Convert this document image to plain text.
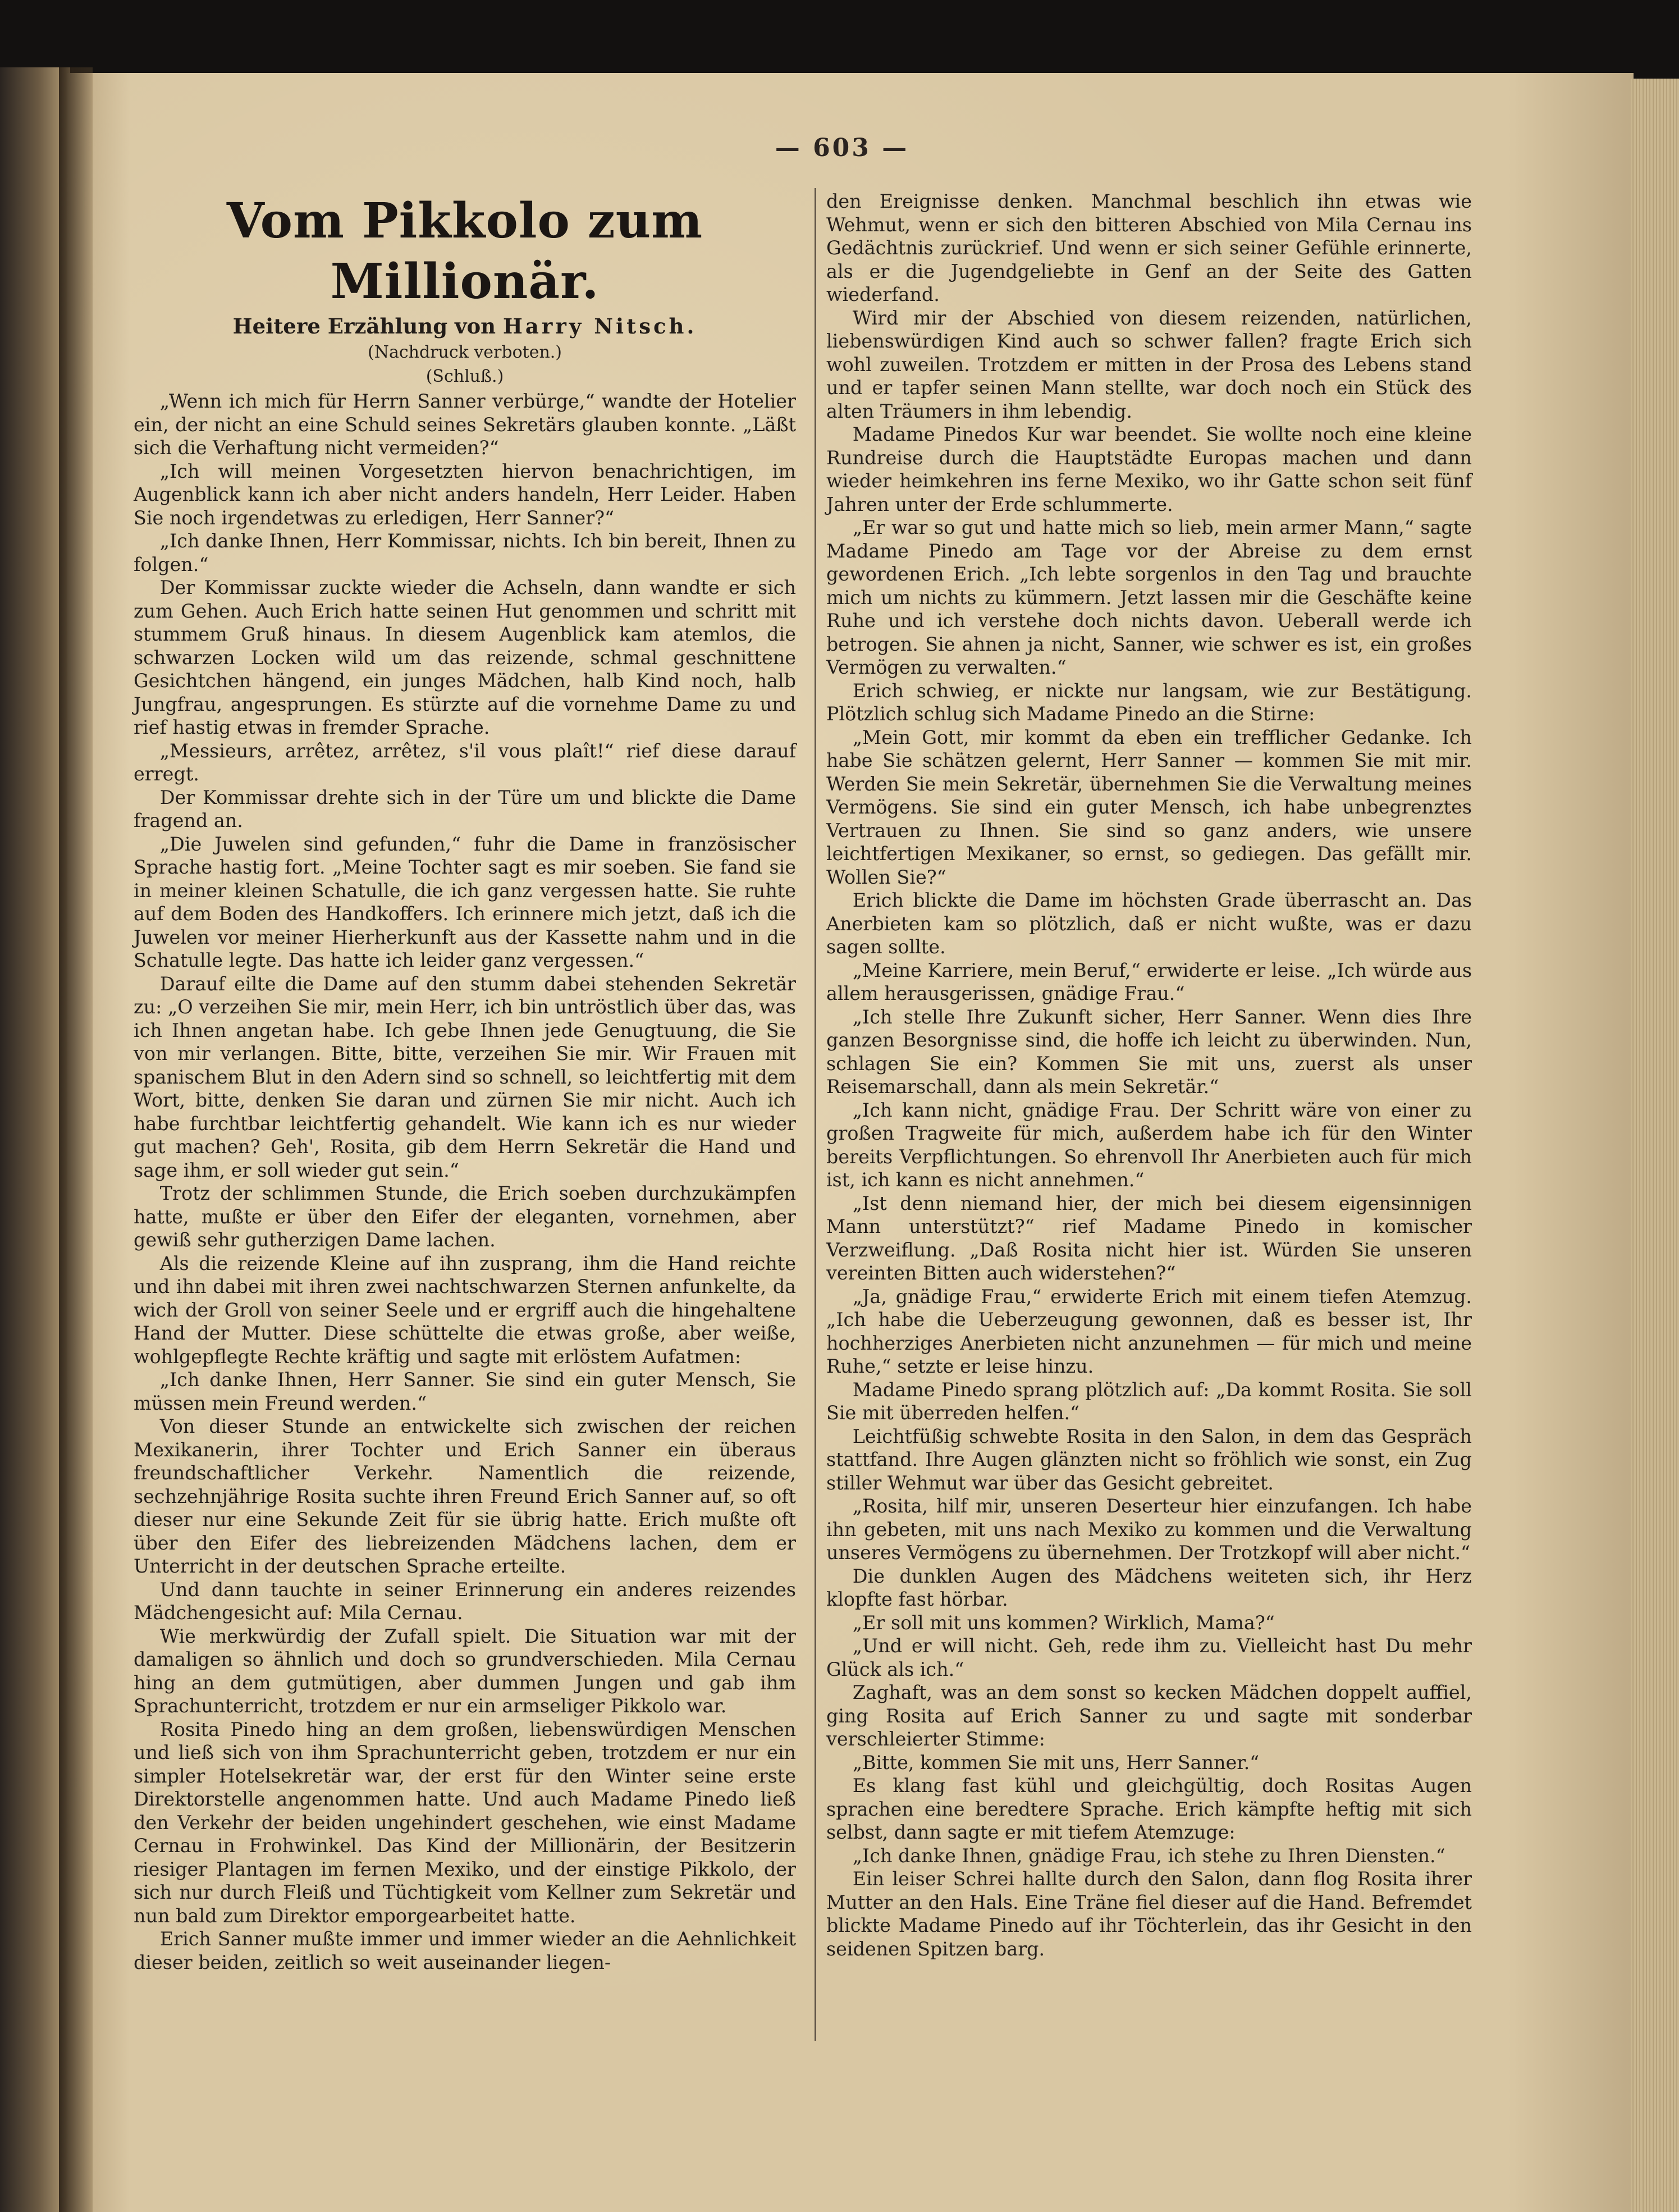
— 603 —
Vom Pikkolo zum Millionär.
Heitere Erzählung von Harry Nitsch.
(Nachdruck verboten.)
(Schluß.)

„Wenn ich mich für Herrn Sanner verbürge,“ wandte der Hotelier ein, der nicht an eine Schuld seines Sekretärs glauben konnte. „Läßt sich die Verhaftung nicht vermeiden?“

„Ich will meinen Vorgesetzten hiervon benachrichtigen, im Augenblick kann ich aber nicht anders handeln, Herr Leider. Haben Sie noch irgendetwas zu erledigen, Herr Sanner?“

„Ich danke Ihnen, Herr Kommissar, nichts. Ich bin bereit, Ihnen zu folgen.“

Der Kommissar zuckte wieder die Achseln, dann wandte er sich zum Gehen. Auch Erich hatte seinen Hut genommen und schritt mit stummem Gruß hinaus. In diesem Augenblick kam atemlos, die schwarzen Locken wild um das reizende, schmal geschnittene Gesichtchen hängend, ein junges Mädchen, halb Kind noch, halb Jungfrau, angesprungen. Es stürzte auf die vornehme Dame zu und rief hastig etwas in fremder Sprache.

„Messieurs, arrêtez, arrêtez, s'il vous plaît!“ rief diese darauf erregt.

Der Kommissar drehte sich in der Türe um und blickte die Dame fragend an.

„Die Juwelen sind gefunden,“ fuhr die Dame in französischer Sprache hastig fort. „Meine Tochter sagt es mir soeben. Sie fand sie in meiner kleinen Schatulle, die ich ganz vergessen hatte. Sie ruhte auf dem Boden des Handkoffers. Ich erinnere mich jetzt, daß ich die Juwelen vor meiner Hierherkunft aus der Kassette nahm und in die Schatulle legte. Das hatte ich leider ganz vergessen.“

Darauf eilte die Dame auf den stumm dabei stehenden Sekretär zu: „O verzeihen Sie mir, mein Herr, ich bin untröstlich über das, was ich Ihnen angetan habe. Ich gebe Ihnen jede Genugtuung, die Sie von mir verlangen. Bitte, bitte, verzeihen Sie mir. Wir Frauen mit spanischem Blut in den Adern sind so schnell, so leichtfertig mit dem Wort, bitte, denken Sie daran und zürnen Sie mir nicht. Auch ich habe furchtbar leichtfertig gehandelt. Wie kann ich es nur wieder gut machen? Geh', Rosita, gib dem Herrn Sekretär die Hand und sage ihm, er soll wieder gut sein.“

Trotz der schlimmen Stunde, die Erich soeben durchzukämpfen hatte, mußte er über den Eifer der eleganten, vornehmen, aber gewiß sehr gutherzigen Dame lachen.

Als die reizende Kleine auf ihn zusprang, ihm die Hand reichte und ihn dabei mit ihren zwei nachtschwarzen Sternen anfunkelte, da wich der Groll von seiner Seele und er ergriff auch die hingehaltene Hand der Mutter. Diese schüttelte die etwas große, aber weiße, wohlgepflegte Rechte kräftig und sagte mit erlöstem Aufatmen:

„Ich danke Ihnen, Herr Sanner. Sie sind ein guter Mensch, Sie müssen mein Freund werden.“

Von dieser Stunde an entwickelte sich zwischen der reichen Mexikanerin, ihrer Tochter und Erich Sanner ein überaus freundschaftlicher Verkehr. Namentlich die reizende, sechzehnjährige Rosita suchte ihren Freund Erich Sanner auf, so oft dieser nur eine Sekunde Zeit für sie übrig hatte. Erich mußte oft über den Eifer des liebreizenden Mädchens lachen, dem er Unterricht in der deutschen Sprache erteilte.

Und dann tauchte in seiner Erinnerung ein anderes reizendes Mädchengesicht auf: Mila Cernau.

Wie merkwürdig der Zufall spielt. Die Situation war mit der damaligen so ähnlich und doch so grundverschieden. Mila Cernau hing an dem gutmütigen, aber dummen Jungen und gab ihm Sprachunterricht, trotzdem er nur ein armseliger Pikkolo war.

Rosita Pinedo hing an dem großen, liebenswürdigen Menschen und ließ sich von ihm Sprachunterricht geben, trotzdem er nur ein simpler Hotelsekretär war, der erst für den Winter seine erste Direktorstelle angenommen hatte. Und auch Madame Pinedo ließ den Verkehr der beiden ungehindert geschehen, wie einst Madame Cernau in Frohwinkel. Das Kind der Millionärin, der Besitzerin riesiger Plantagen im fernen Mexiko, und der einstige Pikkolo, der sich nur durch Fleiß und Tüchtigkeit vom Kellner zum Sekretär und nun bald zum Direktor emporgearbeitet hatte.

Erich Sanner mußte immer und immer wieder an die Aehnlichkeit dieser beiden, zeitlich so weit auseinander liegen-

den Ereignisse denken. Manchmal beschlich ihn etwas wie Wehmut, wenn er sich den bitteren Abschied von Mila Cernau ins Gedächtnis zurückrief. Und wenn er sich seiner Gefühle erinnerte, als er die Jugendgeliebte in Genf an der Seite des Gatten wiederfand.

Wird mir der Abschied von diesem reizenden, natürlichen, liebenswürdigen Kind auch so schwer fallen? fragte Erich sich wohl zuweilen. Trotzdem er mitten in der Prosa des Lebens stand und er tapfer seinen Mann stellte, war doch noch ein Stück des alten Träumers in ihm lebendig.

Madame Pinedos Kur war beendet. Sie wollte noch eine kleine Rundreise durch die Hauptstädte Europas machen und dann wieder heimkehren ins ferne Mexiko, wo ihr Gatte schon seit fünf Jahren unter der Erde schlummerte.

„Er war so gut und hatte mich so lieb, mein armer Mann,“ sagte Madame Pinedo am Tage vor der Abreise zu dem ernst gewordenen Erich. „Ich lebte sorgenlos in den Tag und brauchte mich um nichts zu kümmern. Jetzt lassen mir die Geschäfte keine Ruhe und ich verstehe doch nichts davon. Ueberall werde ich betrogen. Sie ahnen ja nicht, Sanner, wie schwer es ist, ein großes Vermögen zu verwalten.“

Erich schwieg, er nickte nur langsam, wie zur Bestätigung. Plötzlich schlug sich Madame Pinedo an die Stirne:

„Mein Gott, mir kommt da eben ein trefflicher Gedanke. Ich habe Sie schätzen gelernt, Herr Sanner — kommen Sie mit mir. Werden Sie mein Sekretär, übernehmen Sie die Verwaltung meines Vermögens. Sie sind ein guter Mensch, ich habe unbegrenztes Vertrauen zu Ihnen. Sie sind so ganz anders, wie unsere leichtfertigen Mexikaner, so ernst, so gediegen. Das gefällt mir. Wollen Sie?“

Erich blickte die Dame im höchsten Grade überrascht an. Das Anerbieten kam so plötzlich, daß er nicht wußte, was er dazu sagen sollte.

„Meine Karriere, mein Beruf,“ erwiderte er leise. „Ich würde aus allem herausgerissen, gnädige Frau.“

„Ich stelle Ihre Zukunft sicher, Herr Sanner. Wenn dies Ihre ganzen Besorgnisse sind, die hoffe ich leicht zu überwinden. Nun, schlagen Sie ein? Kommen Sie mit uns, zuerst als unser Reisemarschall, dann als mein Sekretär.“

„Ich kann nicht, gnädige Frau. Der Schritt wäre von einer zu großen Tragweite für mich, außerdem habe ich für den Winter bereits Verpflichtungen. So ehrenvoll Ihr Anerbieten auch für mich ist, ich kann es nicht annehmen.“

„Ist denn niemand hier, der mich bei diesem eigensinnigen Mann unterstützt?“ rief Madame Pinedo in komischer Verzweiflung. „Daß Rosita nicht hier ist. Würden Sie unseren vereinten Bitten auch widerstehen?“

„Ja, gnädige Frau,“ erwiderte Erich mit einem tiefen Atemzug. „Ich habe die Ueberzeugung gewonnen, daß es besser ist, Ihr hochherziges Anerbieten nicht anzunehmen — für mich und meine Ruhe,“ setzte er leise hinzu.

Madame Pinedo sprang plötzlich auf: „Da kommt Rosita. Sie soll Sie mit überreden helfen.“

Leichtfüßig schwebte Rosita in den Salon, in dem das Gespräch stattfand. Ihre Augen glänzten nicht so fröhlich wie sonst, ein Zug stiller Wehmut war über das Gesicht gebreitet.

„Rosita, hilf mir, unseren Deserteur hier einzufangen. Ich habe ihn gebeten, mit uns nach Mexiko zu kommen und die Verwaltung unseres Vermögens zu übernehmen. Der Trotzkopf will aber nicht.“

Die dunklen Augen des Mädchens weiteten sich, ihr Herz klopfte fast hörbar.

„Er soll mit uns kommen? Wirklich, Mama?“

„Und er will nicht. Geh, rede ihm zu. Vielleicht hast Du mehr Glück als ich.“

Zaghaft, was an dem sonst so kecken Mädchen doppelt auffiel, ging Rosita auf Erich Sanner zu und sagte mit sonderbar verschleierter Stimme:

„Bitte, kommen Sie mit uns, Herr Sanner.“

Es klang fast kühl und gleichgültig, doch Rositas Augen sprachen eine beredtere Sprache. Erich kämpfte heftig mit sich selbst, dann sagte er mit tiefem Atemzuge:

„Ich danke Ihnen, gnädige Frau, ich stehe zu Ihren Diensten.“

Ein leiser Schrei hallte durch den Salon, dann flog Rosita ihrer Mutter an den Hals. Eine Träne fiel dieser auf die Hand. Befremdet blickte Madame Pinedo auf ihr Töchterlein, das ihr Gesicht in den seidenen Spitzen barg.
